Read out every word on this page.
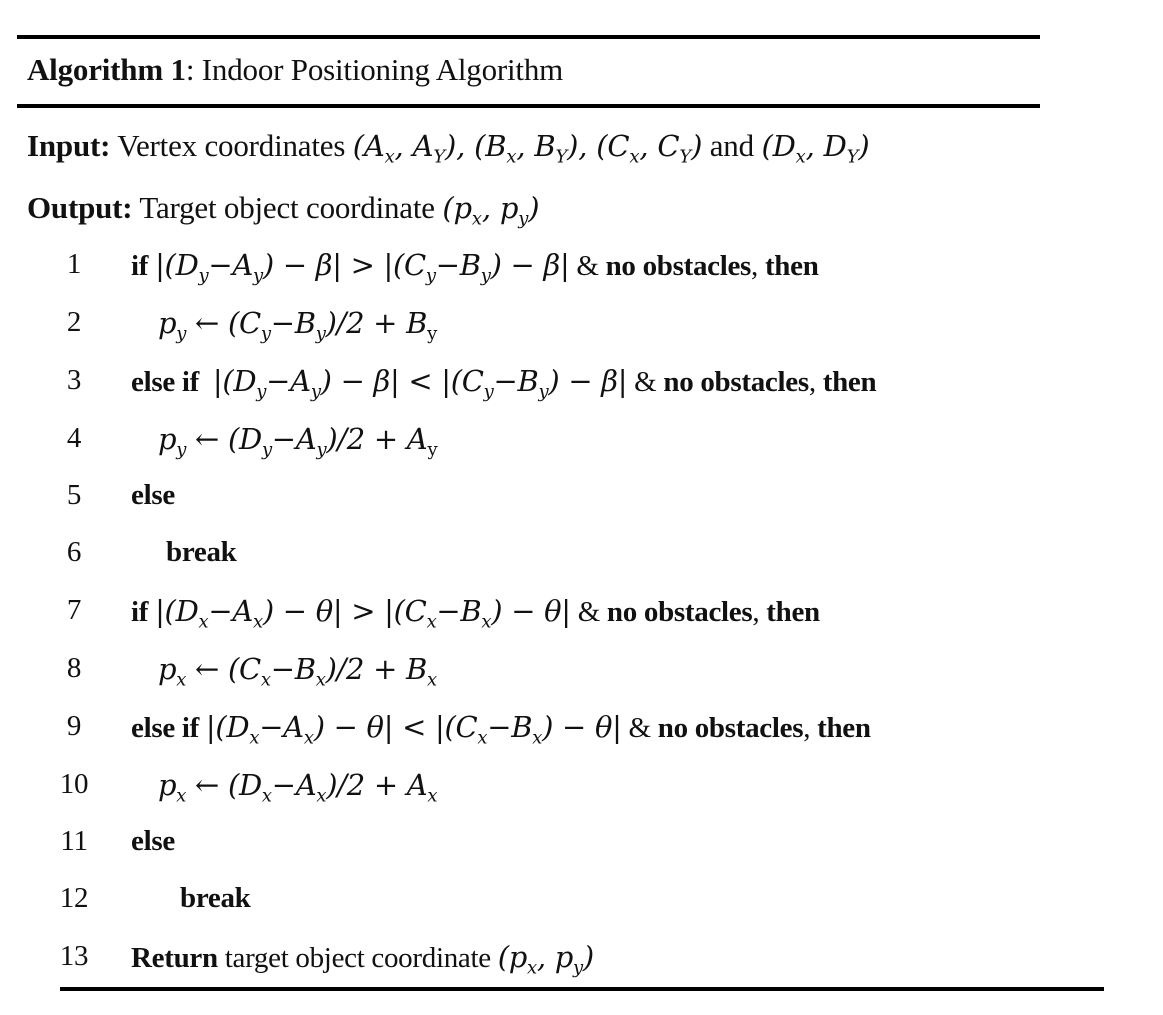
Algorithm 1: Indoor Positioning Algorithm
Input: Vertex coordinates ($A_x$, $A_Y$), ($B_x$, $B_Y$), ($C_x$, $C_Y$) and ($D_x$, $D_Y$)
Output: Target object coordinate ($p_x$, $p_y$)
1	if $|(D_y-A_y) - \beta| > |(C_y-B_y) - \beta|$ & no obstacles, then
2	$p_y$ ← $(C_y-B_y)/2 + B_y$
3	else if $|(D_y-A_y) - \beta| < |(C_y-B_y) - \beta|$ & no obstacles, then
4	$p_y$ ← $(D_y-A_y)/2 + A_y$
5	else
6	break
7	if $|(D_x-A_x) - \theta| > |(C_x-B_x) - \theta|$ & no obstacles, then
8	$p_x$ ← $(C_x-B_x)/2 + B_x$
9	else if $|(D_x-A_x) - \theta| < |(C_x-B_x) - \theta|$ & no obstacles, then
10	$p_x$ ← $(D_x-A_x)/2 + A_x$
11	else
12	break
13	Return target object coordinate ($p_x$, $p_y$)
